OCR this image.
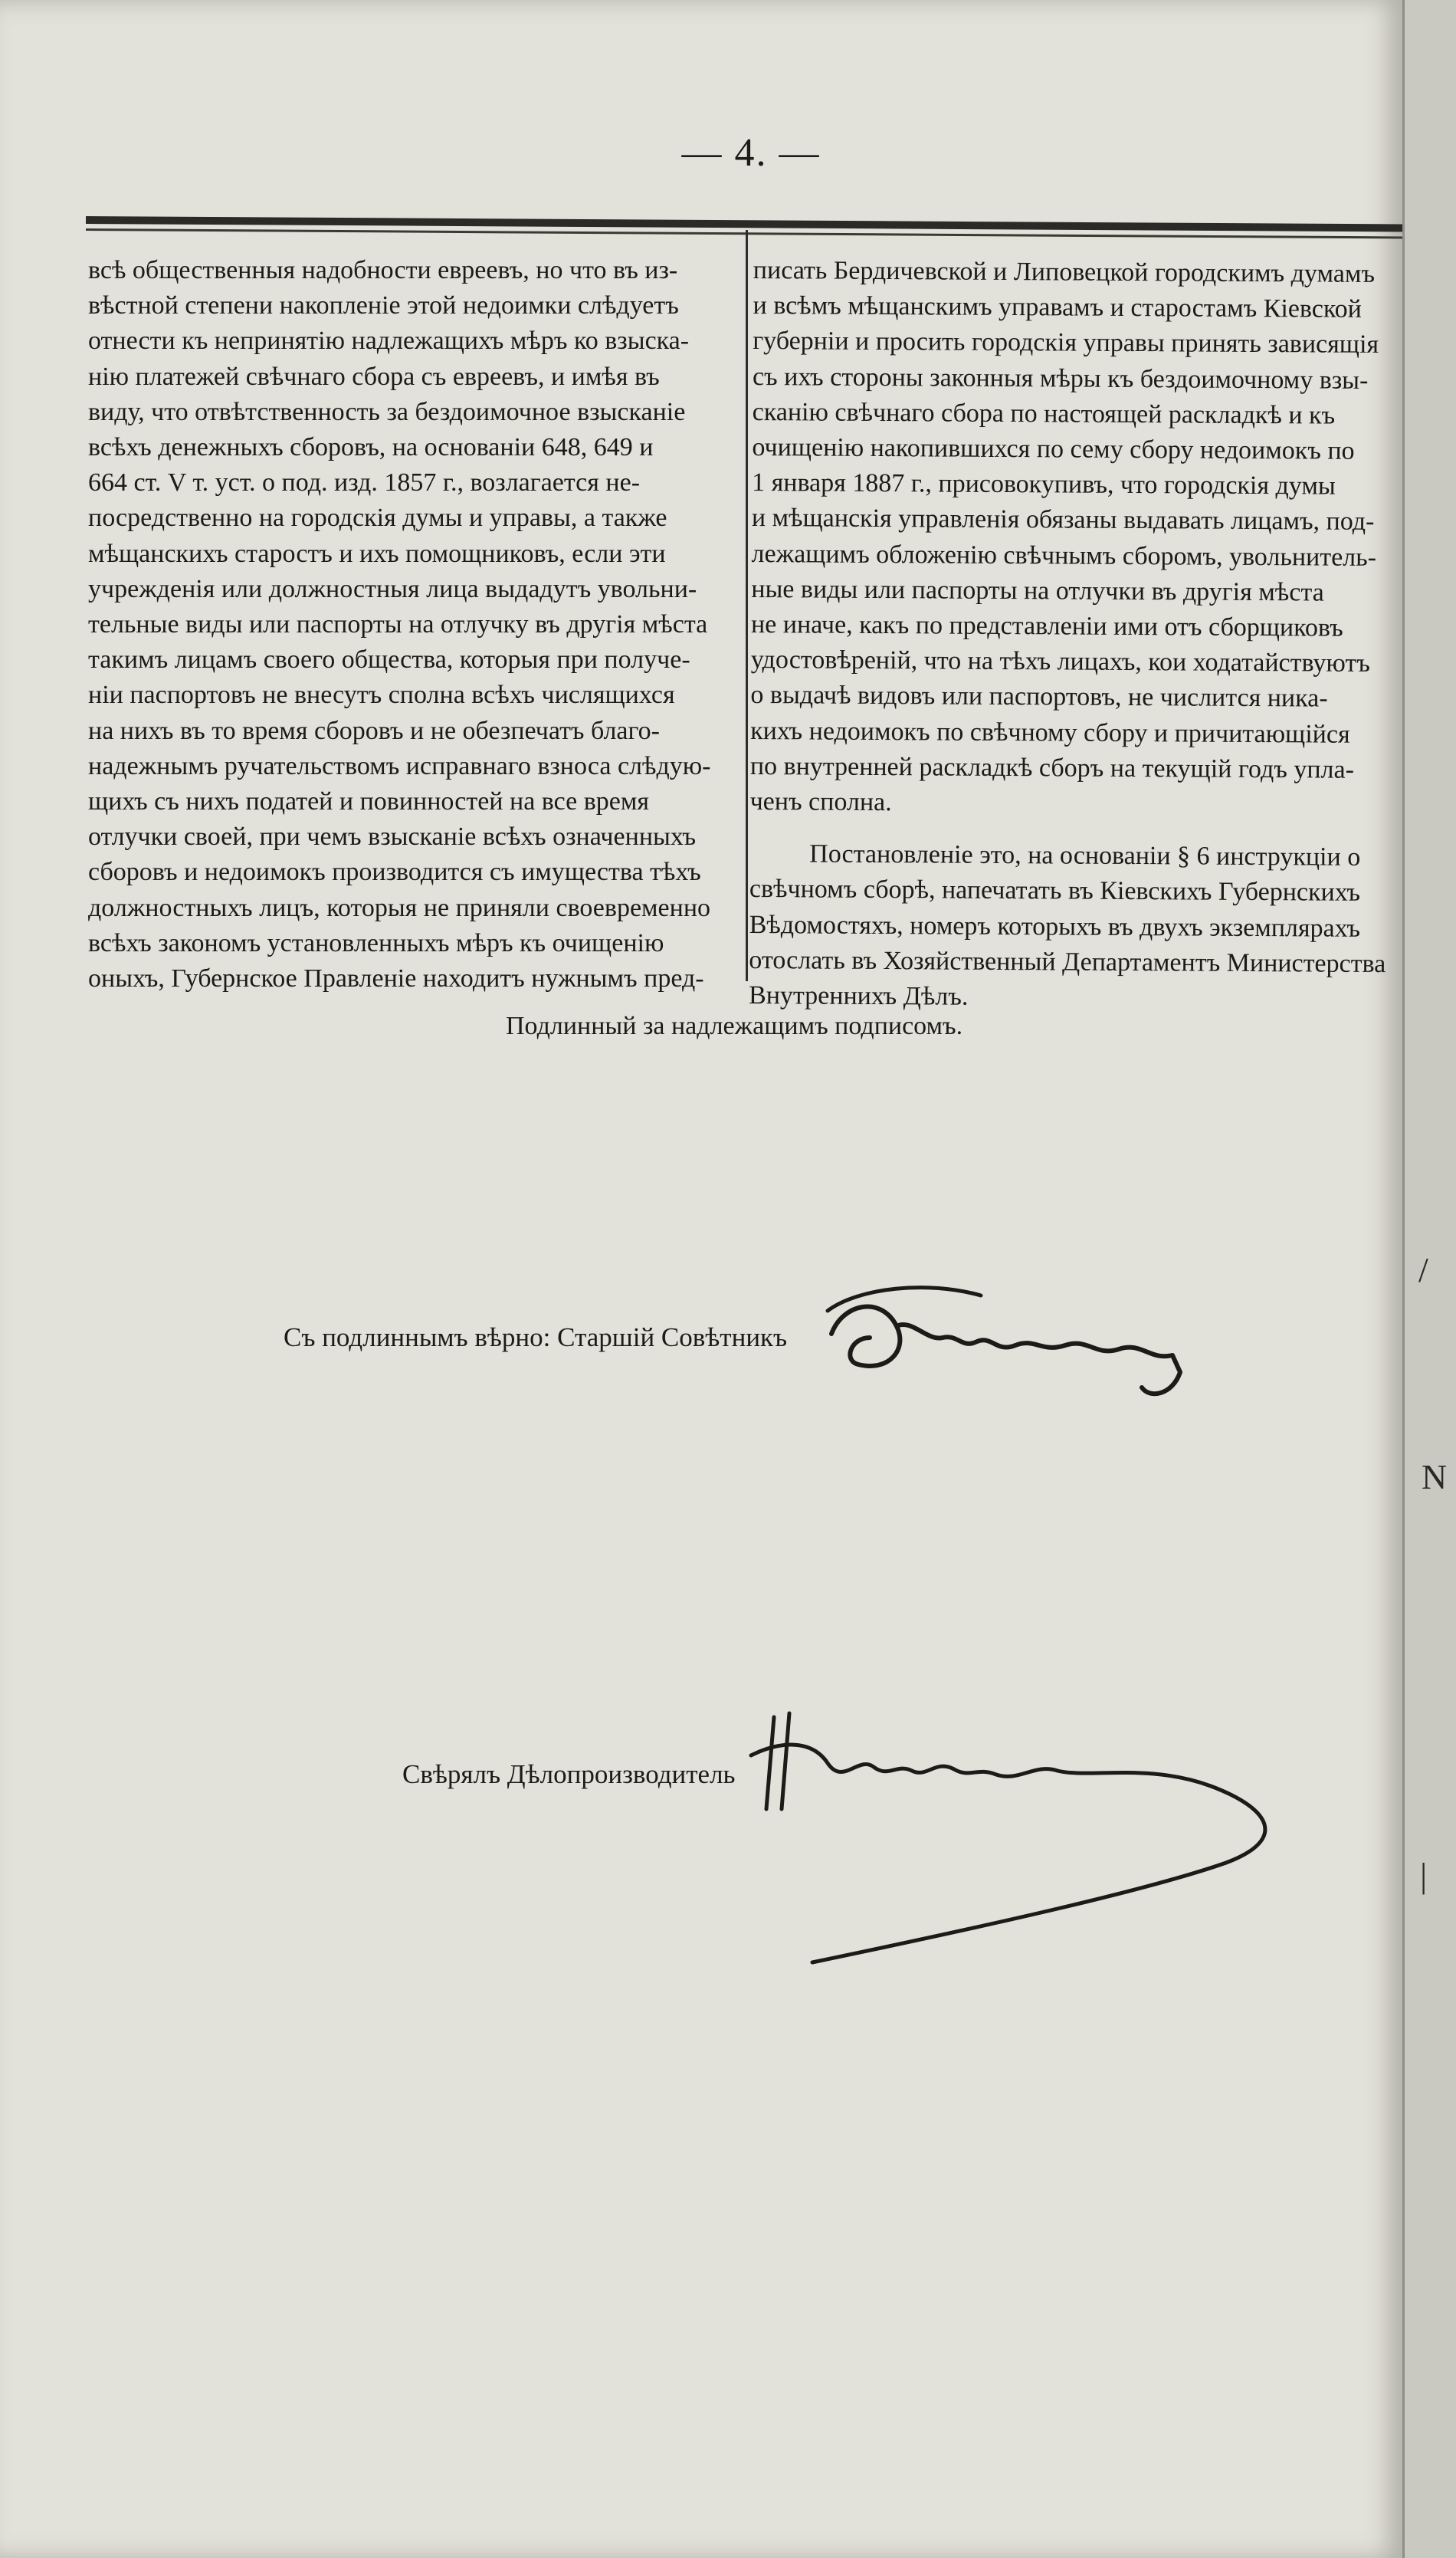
— 4. —

всѣ общественныя надобности евреевъ, но что въ из-
вѣстной степени накопленіе этой недоимки слѣдуетъ
отнести къ непринятію надлежащихъ мѣръ ко взыска-
нію платежей свѣчнаго сбора съ евреевъ, и имѣя въ
виду, что отвѣтственность за бездоимочное взысканіе
всѣхъ денежныхъ сборовъ, на основаніи 648, 649 и
664 ст. V т. уст. о под. изд. 1857 г., возлагается не-
посредственно на городскія думы и управы, а также
мѣщанскихъ старостъ и ихъ помощниковъ, если эти
учрежденія или должностныя лица выдадутъ увольни-
тельные виды или паспорты на отлучку въ другія мѣста
такимъ лицамъ своего общества, которыя при получе-
ніи паспортовъ не внесутъ сполна всѣхъ числящихся
на нихъ въ то время сборовъ и не обезпечатъ благо-
надежнымъ ручательствомъ исправнаго взноса слѣдую-
щихъ съ нихъ податей и повинностей на все время
отлучки своей, при чемъ взысканіе всѣхъ означенныхъ
сборовъ и недоимокъ производится съ имущества тѣхъ
должностныхъ лицъ, которыя не приняли своевременно
всѣхъ закономъ установленныхъ мѣръ къ очищенію
оныхъ, Губернское Правленіе находитъ нужнымъ пред-

писать Бердичевской и Липовецкой городскимъ думамъ
и всѣмъ мѣщанскимъ управамъ и старостамъ Кіевской
губерніи и просить городскія управы принять зависящія
съ ихъ стороны законныя мѣры къ бездоимочному взы-
сканію свѣчнаго сбора по настоящей раскладкѣ и къ
очищенію накопившихся по сему сбору недоимокъ по
1 января 1887 г., присовокупивъ, что городскія думы
и мѣщанскія управленія обязаны выдавать лицамъ, под-
лежащимъ обложенію свѣчнымъ сборомъ, увольнитель-
ные виды или паспорты на отлучки въ другія мѣста
не иначе, какъ по представленіи ими отъ сборщиковъ
удостовѣреній, что на тѣхъ лицахъ, кои ходатайствуютъ
о выдачѣ видовъ или паспортовъ, не числится ника-
кихъ недоимокъ по свѣчному сбору и причитающійся
по внутренней раскладкѣ сборъ на текущій годъ упла-
ченъ сполна.

Постановленіе это, на основаніи § 6 инструкціи о
свѣчномъ сборѣ, напечатать въ Кіевскихъ Губернскихъ
Вѣдомостяхъ, номеръ которыхъ въ двухъ экземплярахъ
отослать въ Хозяйственный Департаментъ Министерства
Внутреннихъ Дѣлъ.

Подлинный за надлежащимъ подписомъ.
Съ подлиннымъ вѣрно: Старшій Совѣтникъ
Свѣрялъ Дѣлопроизводитель
/
N
|
